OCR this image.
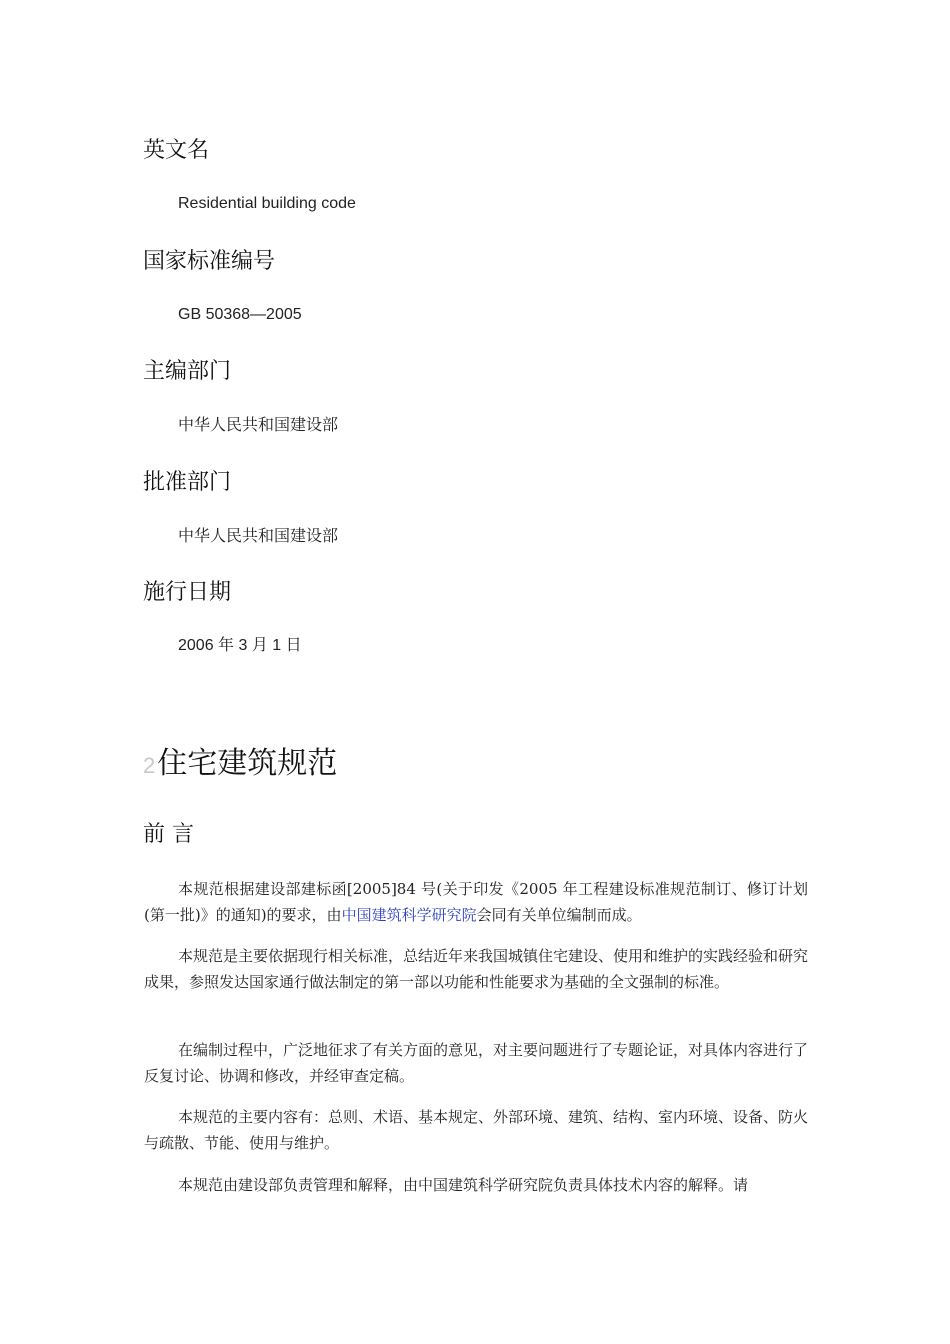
英文名

Residential building code

国家标准编号

GB 50368—2005

主编部门

中华人民共和国建设部

批准部门

中华人民共和国建设部

施行日期

2006 年 3 月 1 日

2住宅建筑规范
前 言

本规范根据建设部建标函[2005]84 号(关于印发《2005 年工程建设标准规范制订、修订计划(第一批)》的通知)的要求，由中国建筑科学研究院会同有关单位编制而成。

本规范是主要依据现行相关标准，总结近年来我国城镇住宅建设、使用和维护的实践经验和研究成果，参照发达国家通行做法制定的第一部以功能和性能要求为基础的全文强制的标准。

在编制过程中，广泛地征求了有关方面的意见，对主要问题进行了专题论证，对具体内容进行了反复讨论、协调和修改，并经审查定稿。

本规范的主要内容有：总则、术语、基本规定、外部环境、建筑、结构、室内环境、设备、防火与疏散、节能、使用与维护。

本规范由建设部负责管理和解释，由中国建筑科学研究院负责具体技术内容的解释。请
